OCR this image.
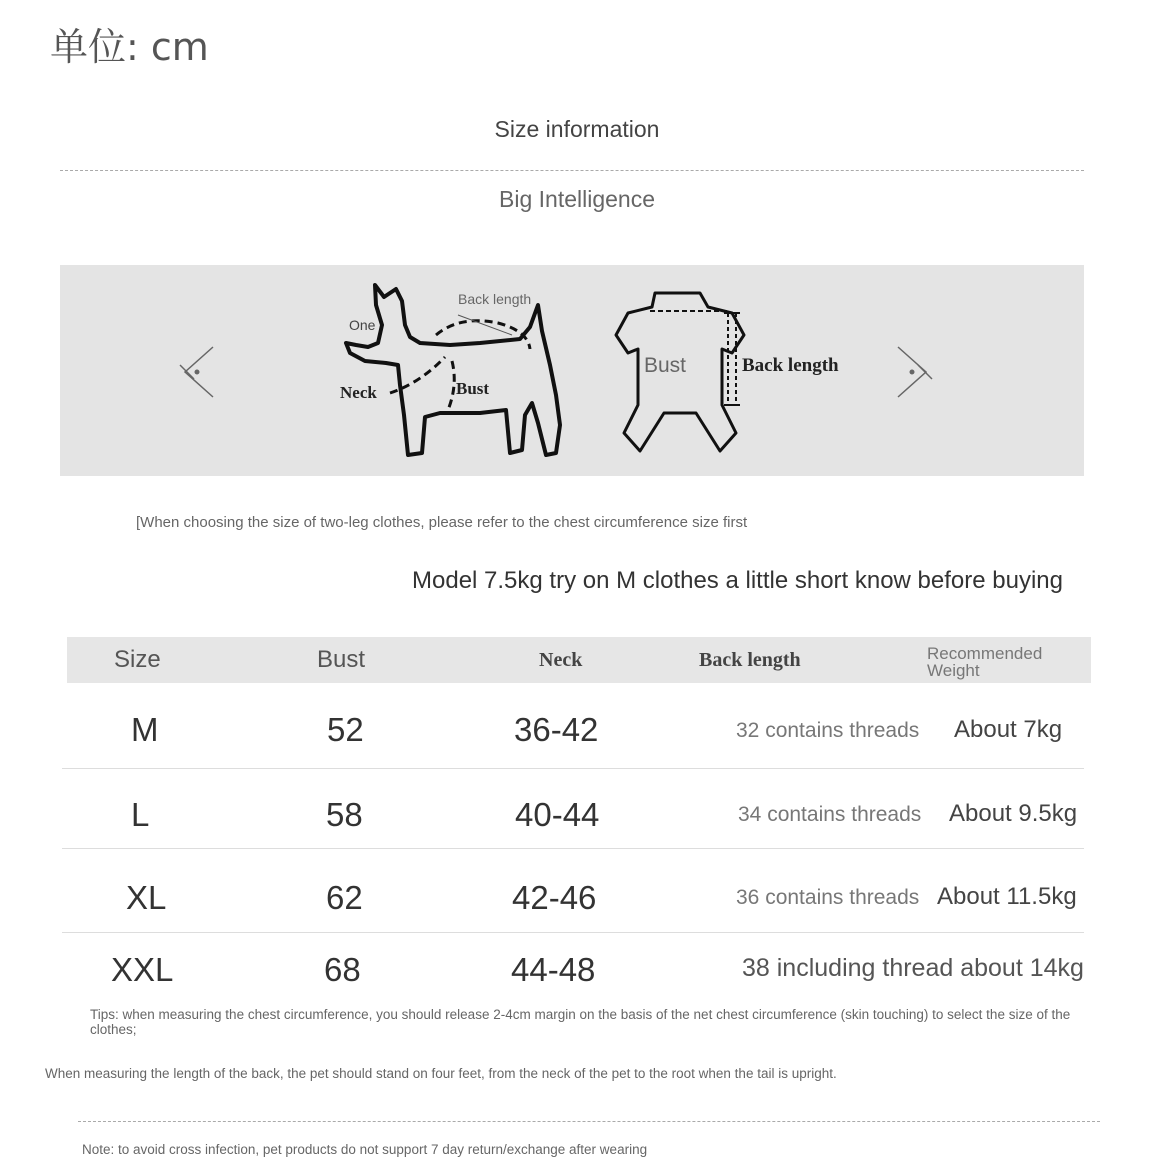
单位: cm
Size information
Big Intelligence
One
Back length
Neck	Bust
Bust	Back length
[When choosing the size of two-leg clothes, please refer to the chest circumference size first
Model 7.5kg try on M clothes a little short know before buying
Size	Bust	Neck	Back length	Recommended Weight
M	52	36-42	32 contains threads About 7kg
L	58	40-44	34 contains threads About 9.5kg
XL	62	42-46	36 contains threads About 11.5kg
XXL	68	44-48	38 including thread about 14kg
Tips: when measuring the chest circumference, you should release 2-4cm margin on the basis of the net chest circumference (skin touching) to select the size of the clothes;
When measuring the length of the back, the pet should stand on four feet, from the neck of the pet to the root when the tail is upright.
Note: to avoid cross infection, pet products do not support 7 day return/exchange after wearing
